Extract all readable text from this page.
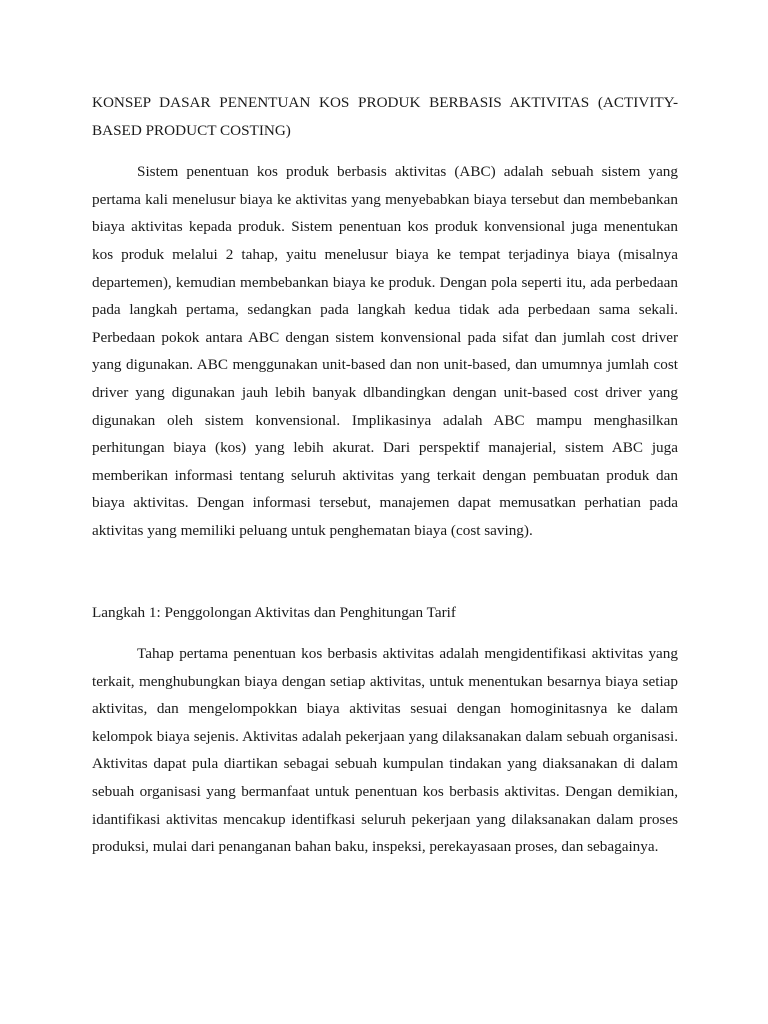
KONSEP DASAR PENENTUAN KOS PRODUK BERBASIS AKTIVITAS (ACTIVITY-BASED PRODUCT COSTING)

Sistem penentuan kos produk berbasis aktivitas (ABC) adalah sebuah sistem yang pertama kali menelusur biaya ke aktivitas yang menyebabkan biaya tersebut dan membebankan biaya aktivitas kepada produk. Sistem penentuan kos produk konvensional juga menentukan kos produk melalui 2 tahap, yaitu menelusur biaya ke tempat terjadinya biaya (misalnya departemen), kemudian membebankan biaya ke produk. Dengan pola seperti itu, ada perbedaan pada langkah pertama, sedangkan pada langkah kedua tidak ada perbedaan sama sekali. Perbedaan pokok antara ABC dengan sistem konvensional pada sifat dan jumlah cost driver yang digunakan. ABC menggunakan unit-based dan non unit-based, dan umumnya jumlah cost driver yang digunakan jauh lebih banyak dlbandingkan dengan unit-based cost driver yang digunakan oleh sistem konvensional. Implikasinya adalah ABC mampu menghasilkan perhitungan biaya (kos) yang lebih akurat. Dari perspektif manajerial, sistem ABC juga memberikan informasi tentang seluruh aktivitas yang terkait dengan pembuatan produk dan biaya aktivitas. Dengan informasi tersebut, manajemen dapat memusatkan perhatian pada aktivitas yang memiliki peluang untuk penghematan biaya (cost saving).

Langkah 1: Penggolongan Aktivitas dan Penghitungan Tarif

Tahap pertama penentuan kos berbasis aktivitas adalah mengidentifikasi aktivitas yang terkait, menghubungkan biaya dengan setiap aktivitas, untuk menentukan besarnya biaya setiap aktivitas, dan mengelompokkan biaya aktivitas sesuai dengan homoginitasnya ke dalam kelompok biaya sejenis. Aktivitas adalah pekerjaan yang dilaksanakan dalam sebuah organisasi. Aktivitas dapat pula diartikan sebagai sebuah kumpulan tindakan yang diaksanakan di dalam sebuah organisasi yang bermanfaat untuk penentuan kos berbasis aktivitas. Dengan demikian, idantifikasi aktivitas mencakup identifkasi seluruh pekerjaan yang dilaksanakan dalam proses produksi, mulai dari penanganan bahan baku, inspeksi, perekayasaan proses, dan sebagainya.
